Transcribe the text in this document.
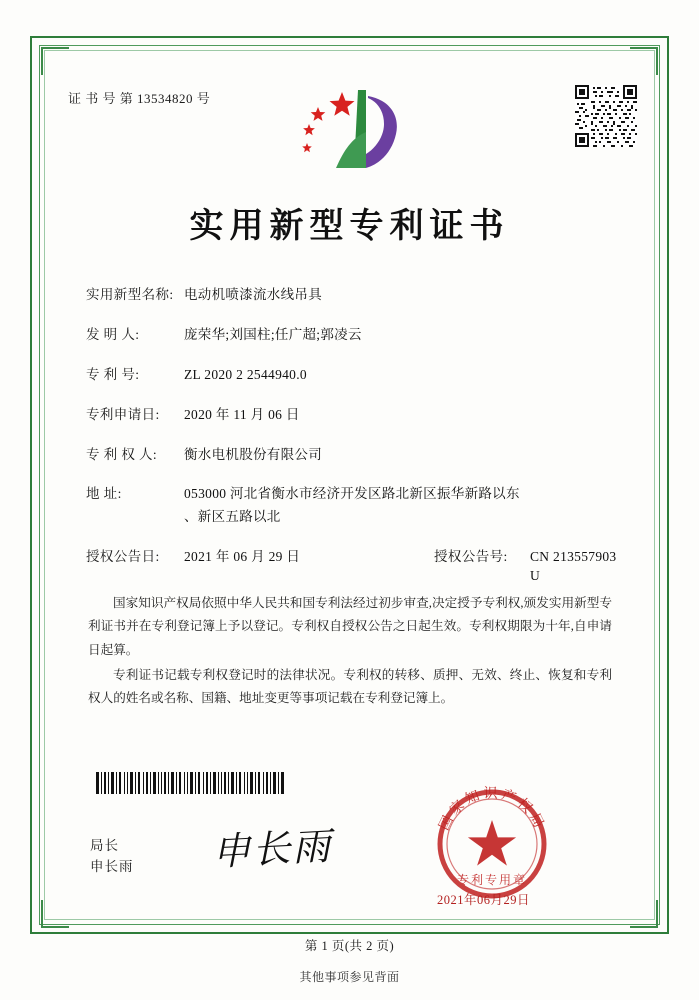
证 书 号 第 13534820 号
实用新型专利证书
实用新型名称: 电动机喷漆流水线吊具
发 明 人:	庞荣华;刘国柱;任广超;郭凌云
专 利 号:	ZL 2020 2 2544940.0
专利申请日:	2020 年 11 月 06 日
专 利 权 人:	衡水电机股份有限公司
地 址:	053000 河北省衡水市经济开发区路北新区振华新路以东
、新区五路以北
授权公告日:	2021 年 06 月 29 日	授权公告号:	CN 213557903 U

国家知识产权局依照中华人民共和国专利法经过初步审查,决定授予专利权,颁发实用新型专利证书并在专利登记簿上予以登记。专利权自授权公告之日起生效。专利权期限为十年,自申请日起算。

专利证书记载专利权登记时的法律状况。专利权的转移、质押、无效、终止、恢复和专利权人的姓名或名称、国籍、地址变更等事项记载在专利登记簿上。

局长
申长雨 申长雨
国家知识产权局
专利专用章
2021年06月29日
第 1 页(共 2 页)
其他事项参见背面
